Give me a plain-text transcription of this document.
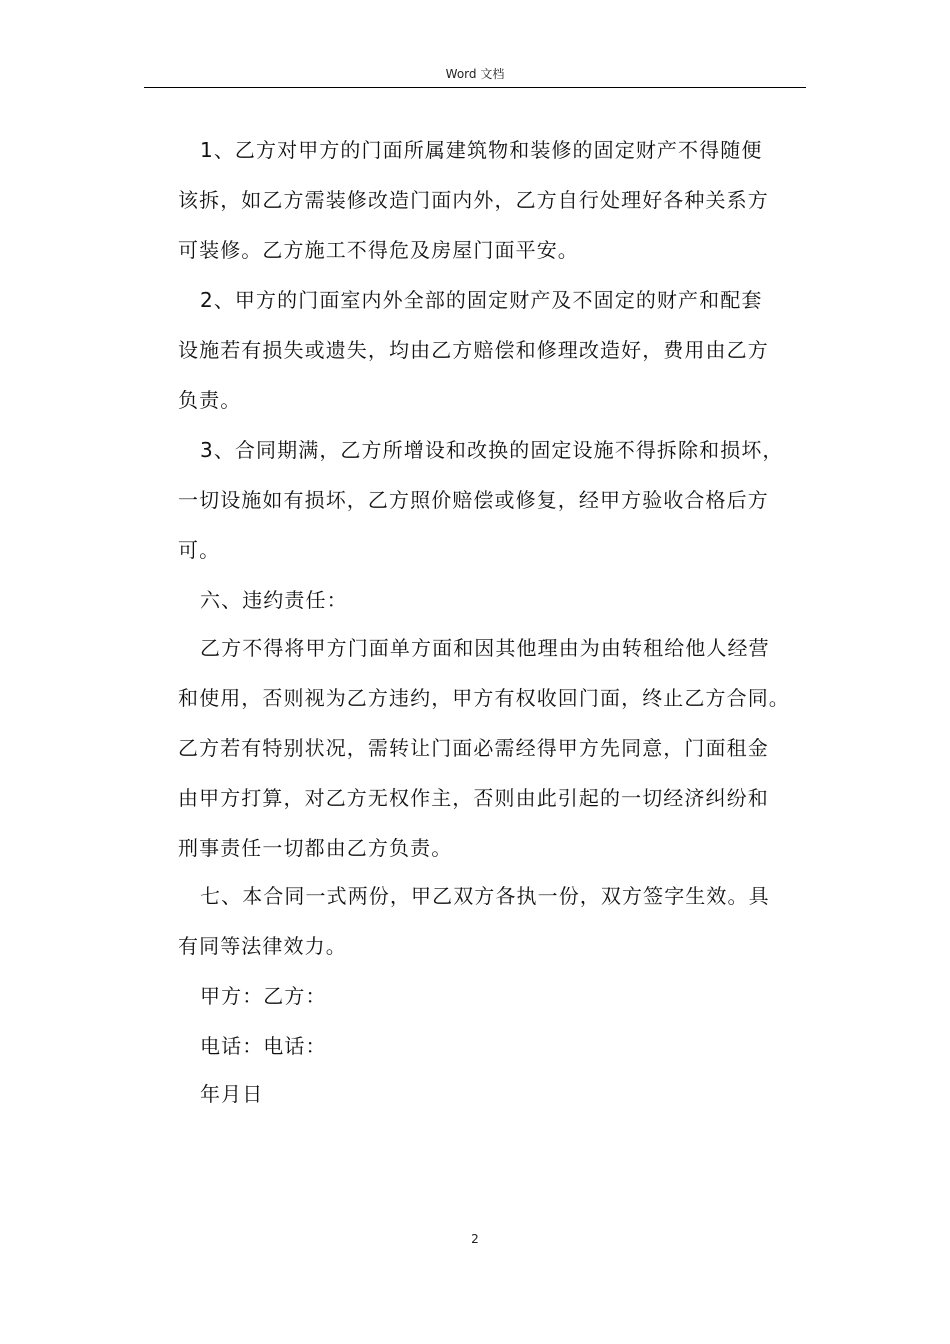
Word 文档
1、乙方对甲方的门面所属建筑物和装修的固定财产不得随便
该拆，如乙方需装修改造门面内外，乙方自行处理好各种关系方
可装修。乙方施工不得危及房屋门面平安。
2、甲方的门面室内外全部的固定财产及不固定的财产和配套
设施若有损失或遗失，均由乙方赔偿和修理改造好，费用由乙方
负责。
3、合同期满，乙方所增设和改换的固定设施不得拆除和损坏，
一切设施如有损坏，乙方照价赔偿或修复，经甲方验收合格后方
可。
六、违约责任：
乙方不得将甲方门面单方面和因其他理由为由转租给他人经营
和使用，否则视为乙方违约，甲方有权收回门面，终止乙方合同。
乙方若有特别状况，需转让门面必需经得甲方先同意，门面租金
由甲方打算，对乙方无权作主，否则由此引起的一切经济纠纷和
刑事责任一切都由乙方负责。
七、本合同一式两份，甲乙双方各执一份，双方签字生效。具
有同等法律效力。
甲方：乙方：
电话：电话：
年月日
2
